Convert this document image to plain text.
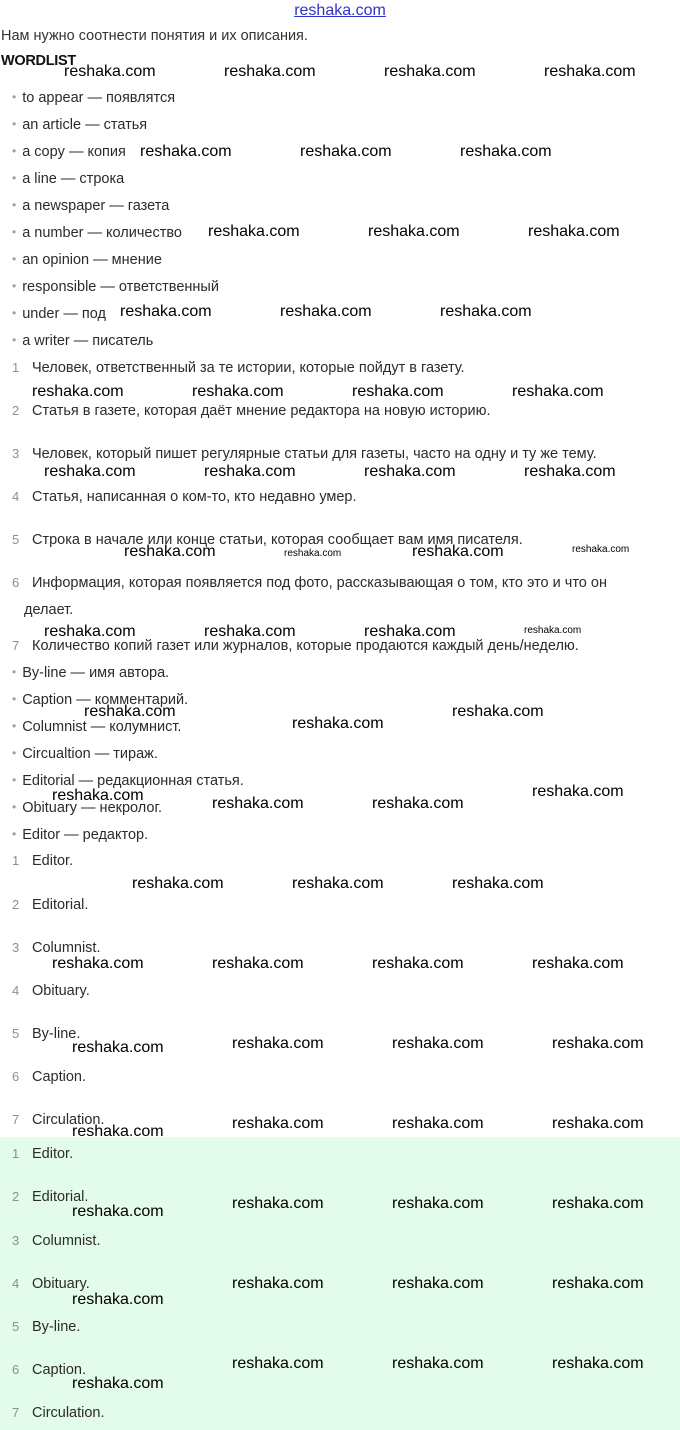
reshaka.com
Нам нужно соотнести понятия и их описания.
WORDLIST
• to appear — появлятся
• an article — статья
• a copy — копия
• a line — строка
• a newspaper — газета
• a number — количество
• an opinion — мнение
• responsible — ответственный
• under — под
• a writer — писатель
1 Человек, ответственный за те истории, которые пойдут в газету.
2 Статья в газете, которая даёт мнение редактора на новую историю.
3 Человек, который пишет регулярные статьи для газеты, часто на одну и ту же тему.
4 Статья, написанная о ком-то, кто недавно умер.
5 Строка в начале или конце статьи, которая сообщает вам имя писателя.
6 Информация, которая появляется под фото, рассказывающая о том, кто это и что он
делает.
7 Количество копий газет или журналов, которые продаются каждый день/неделю.
• By-line — имя автора.
• Caption — комментарий.
• Columnist — колумнист.
• Circualtion — тираж.
• Editorial — редакционная статья.
• Obituary — некролог.
• Editor — редактор.
1 Editor.
2 Editorial.
3 Columnist.
4 Obituary.
5 By-line.
6 Caption.
7 Circulation.
1 Editor.
2 Editorial.
3 Columnist.
4 Obituary.
5 By-line.
6 Caption.
7 Circulation.
reshaka.com	reshaka.com	reshaka.com	reshaka.com
reshaka.com	reshaka.com	reshaka.com
reshaka.com	reshaka.com	reshaka.com
reshaka.com	reshaka.com	reshaka.com
reshaka.com	reshaka.com	reshaka.com	reshaka.com
reshaka.com	reshaka.com	reshaka.com	reshaka.com
reshaka.com	reshaka.com
reshaka.com	reshaka.com	reshaka.com
reshaka.com
reshaka.com
reshaka.com
reshaka.com	reshaka.com	reshaka.com
reshaka.com
reshaka.com	reshaka.com	reshaka.com
reshaka.com	reshaka.com	reshaka.com	reshaka.com
reshaka.com	reshaka.com	reshaka.com	reshaka.com
reshaka.com	reshaka.com	reshaka.com	reshaka.com
reshaka.com	reshaka.com	reshaka.com	reshaka.com
reshaka.com
reshaka.com	reshaka.com	reshaka.com
reshaka.com
reshaka.com	reshaka.com	reshaka.com
reshaka.com	reshaka.com
reshaka.com
